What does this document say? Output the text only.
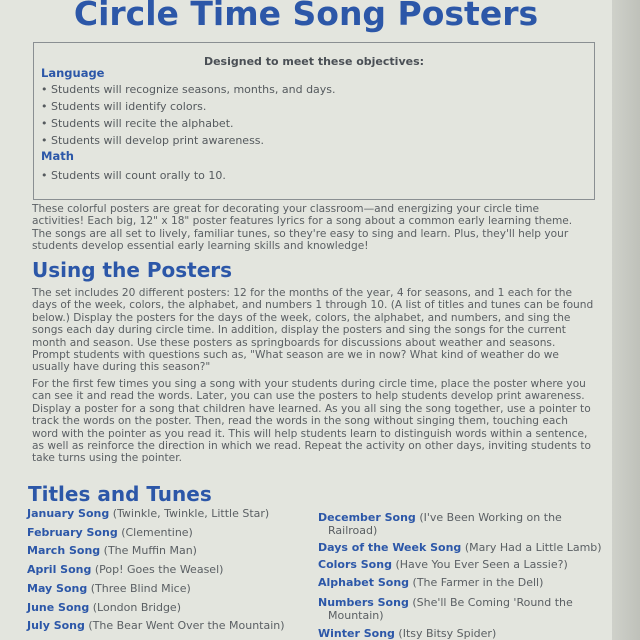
Circle Time Song Posters
Designed to meet these objectives:
Language
• Students will recognize seasons, months, and days.
• Students will identify colors.
• Students will recite the alphabet.
• Students will develop print awareness.
Math
• Students will count orally to 10.
These colorful posters are great for decorating your classroom—and energizing your circle time activities! Each big, 12" x 18" poster features lyrics for a song about a common early learning theme. The songs are all set to lively, familiar tunes, so they're easy to sing and learn. Plus, they'll help your students develop essential early learning skills and knowledge!
Using the Posters
The set includes 20 different posters: 12 for the months of the year, 4 for seasons, and 1 each for the days of the week, colors, the alphabet, and numbers 1 through 10. (A list of titles and tunes can be found below.) Display the posters for the days of the week, colors, the alphabet, and numbers, and sing the songs each day during circle time. In addition, display the posters and sing the songs for the current month and season. Use these posters as springboards for discussions about weather and seasons. Prompt students with questions such as, "What season are we in now? What kind of weather do we usually have during this season?"
For the first few times you sing a song with your students during circle time, place the poster where you can see it and read the words. Later, you can use the posters to help students develop print awareness. Display a poster for a song that children have learned. As you all sing the song together, use a pointer to track the words on the poster. Then, read the words in the song without singing them, touching each word with the pointer as you read it. This will help students learn to distinguish words within a sentence, as well as reinforce the direction in which we read. Repeat the activity on other days, inviting students to take turns using the pointer.
Titles and Tunes
January Song (Twinkle, Twinkle, Little Star)
February Song (Clementine)
March Song (The Muffin Man)
April Song (Pop! Goes the Weasel)
May Song (Three Blind Mice)
June Song (London Bridge)
July Song (The Bear Went Over the Mountain)
December Song (I've Been Working on the
Railroad)
Days of the Week Song (Mary Had a Little Lamb)
Colors Song (Have You Ever Seen a Lassie?)
Alphabet Song (The Farmer in the Dell)
Numbers Song (She'll Be Coming 'Round the
Mountain)
Winter Song (Itsy Bitsy Spider)
